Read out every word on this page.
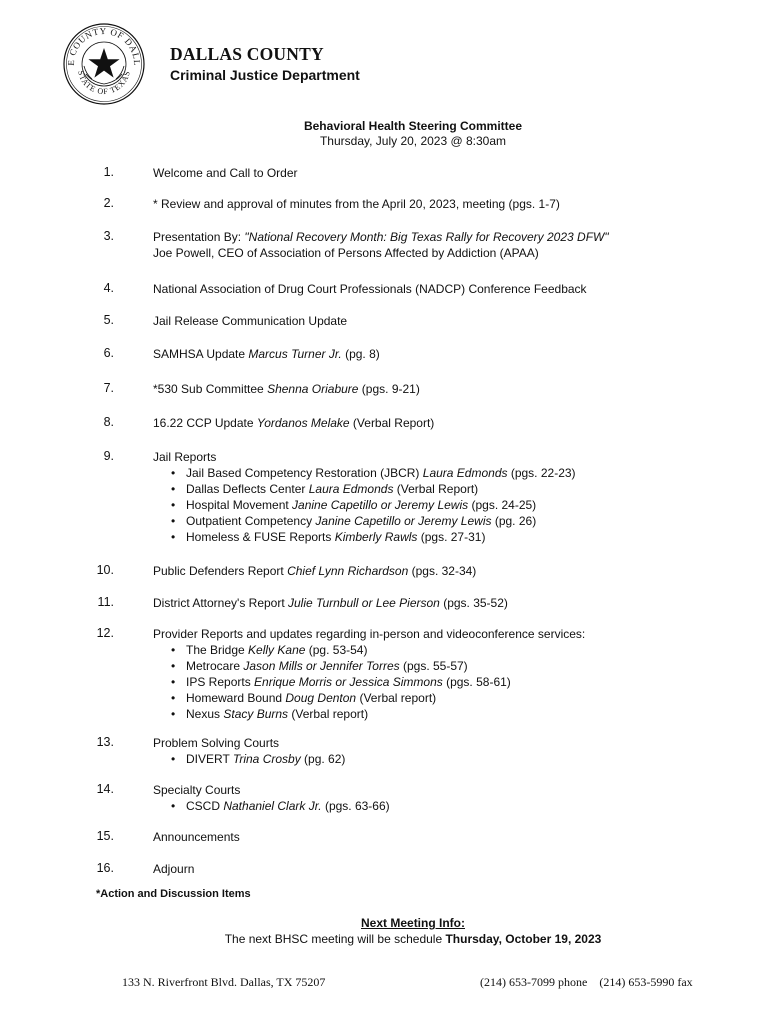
E COUNTY OF DALL
STATE OF TEXAS
DALLAS COUNTY
Criminal Justice Department
Behavioral Health Steering Committee
Thursday, July 20, 2023 @ 8:30am
1.	Welcome and Call to Order
2.	* Review and approval of minutes from the April 20, 2023, meeting (pgs. 1-7)
3.	Presentation By: "National Recovery Month: Big Texas Rally for Recovery 2023 DFW"
Joe Powell, CEO of Association of Persons Affected by Addiction (APAA)
4.	National Association of Drug Court Professionals (NADCP) Conference Feedback
5.	Jail Release Communication Update
6.	SAMHSA Update Marcus Turner Jr. (pg. 8)
7.	*530 Sub Committee Shenna Oriabure (pgs. 9-21)
8.	16.22 CCP Update Yordanos Melake (Verbal Report)
9.	Jail Reports
• Jail Based Competency Restoration (JBCR) Laura Edmonds (pgs. 22-23)
• Dallas Deflects Center Laura Edmonds (Verbal Report)
• Hospital Movement Janine Capetillo or Jeremy Lewis (pgs. 24-25)
• Outpatient Competency Janine Capetillo or Jeremy Lewis (pg. 26)
• Homeless & FUSE Reports Kimberly Rawls (pgs. 27-31)
10.	Public Defenders Report Chief Lynn Richardson (pgs. 32-34)
11.	District Attorney's Report Julie Turnbull or Lee Pierson (pgs. 35-52)
12.	Provider Reports and updates regarding in-person and videoconference services:
• The Bridge Kelly Kane (pg. 53-54)
• Metrocare Jason Mills or Jennifer Torres (pgs. 55-57)
• IPS Reports Enrique Morris or Jessica Simmons (pgs. 58-61)
• Homeward Bound Doug Denton (Verbal report)
• Nexus Stacy Burns (Verbal report)
13.	Problem Solving Courts
• DIVERT Trina Crosby (pg. 62)
14.	Specialty Courts
• CSCD Nathaniel Clark Jr. (pgs. 63-66)
15.	Announcements
16.	Adjourn
*Action and Discussion Items
Next Meeting Info:
The next BHSC meeting will be schedule Thursday, October 19, 2023
133 N. Riverfront Blvd. Dallas, TX 75207	(214) 653-7099 phone (214) 653-5990 fax
